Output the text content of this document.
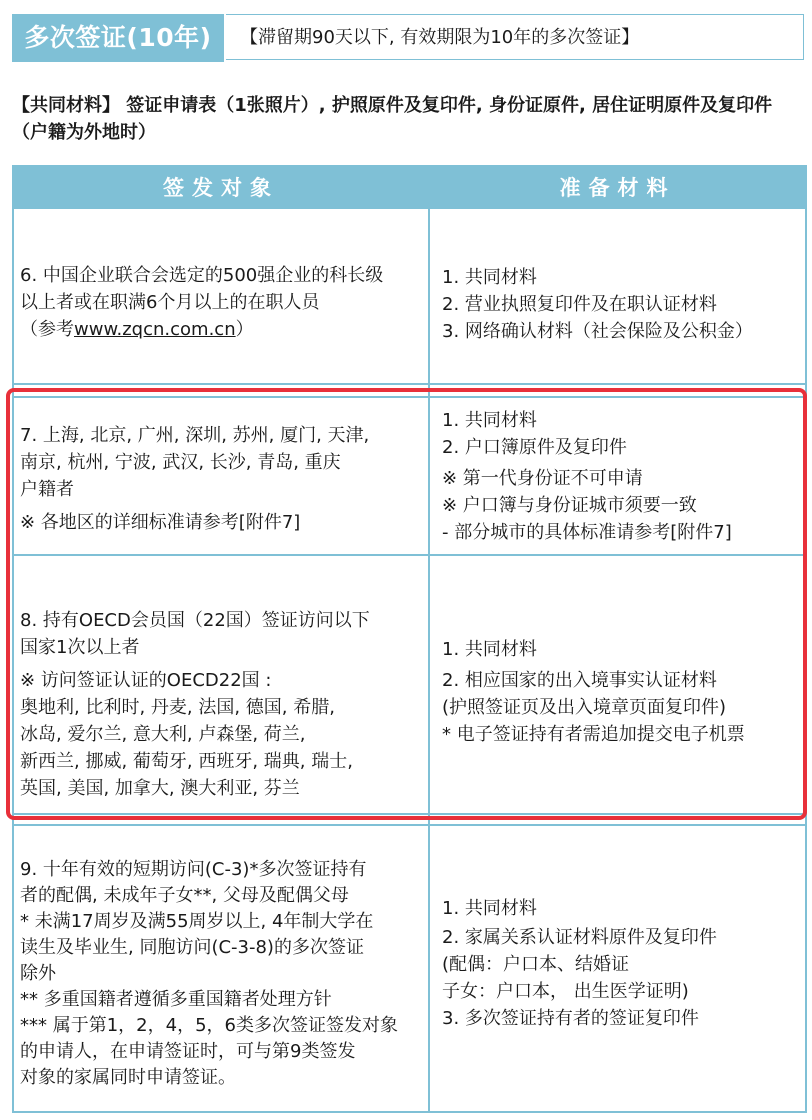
多次签证(10年)	【滞留期90天以下, 有效期限为10年的多次签证】
【共同材料】 签证申请表（1张照片）, 护照原件及复印件, 身份证原件, 居住证明原件及复印件（户籍为外地时）
签发对象	准备材料
6. 中国企业联合会选定的500强企业的科长级
以上者或在职满6个月以上的在职人员
（参考www.zqcn.com.cn）
1. 共同材料
2. 营业执照复印件及在职认证材料
3. 网络确认材料（社会保险及公积金）
7. 上海, 北京, 广州, 深圳, 苏州, 厦门, 天津,
南京, 杭州, 宁波, 武汉, 长沙, 青岛, 重庆
户籍者
※ 各地区的详细标准请参考[附件7]
1. 共同材料
2. 户口簿原件及复印件
※ 第一代身份证不可申请
※ 户口簿与身份证城市须要一致
- 部分城市的具体标准请参考[附件7]
8. 持有OECD会员国（22国）签证访问以下
国家1次以上者
※ 访问签证认证的OECD22国 :
奥地利, 比利时, 丹麦, 法国, 德国, 希腊,
冰岛, 爱尔兰, 意大利, 卢森堡, 荷兰,
新西兰, 挪威, 葡萄牙, 西班牙, 瑞典, 瑞士,
英国, 美国, 加拿大, 澳大利亚, 芬兰
1. 共同材料
2. 相应国家的出入境事实认证材料
(护照签证页及出入境章页面复印件)
* 电子签证持有者需追加提交电子机票
9. 十年有效的短期访问(C-3)*多次签证持有
者的配偶, 未成年子女**, 父母及配偶父母
* 未满17周岁及满55周岁以上, 4年制大学在
读生及毕业生, 同胞访问(C-3-8)的多次签证
除外
** 多重国籍者遵循多重国籍者处理方针
*** 属于第1，2，4，5，6类多次签证签发对象
的申请人，在申请签证时，可与第9类签发
对象的家属同时申请签证。
1. 共同材料
2. 家属关系认证材料原件及复印件
(配偶：户口本、结婚证
子女：户口本， 出生医学证明)
3. 多次签证持有者的签证复印件
